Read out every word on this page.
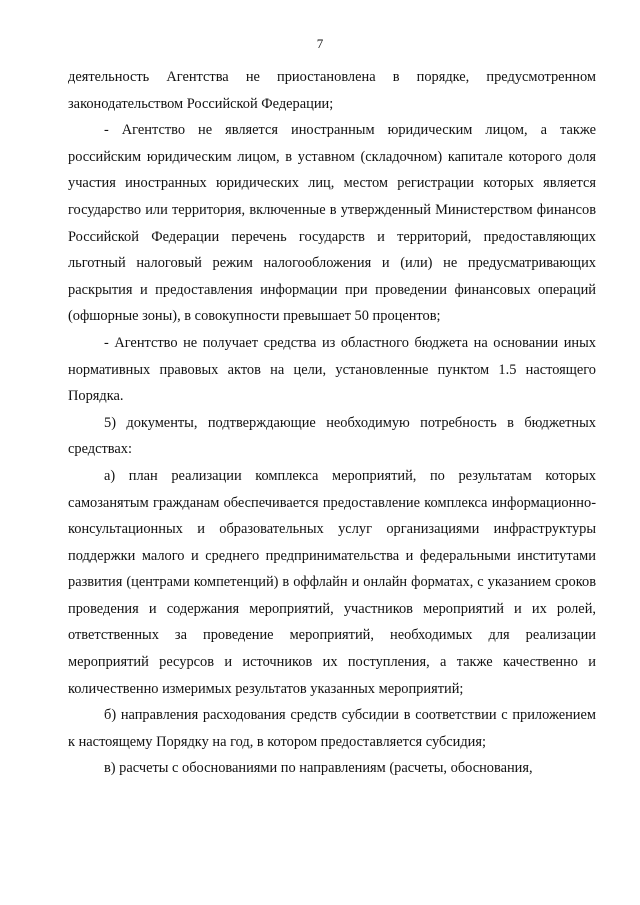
7

деятельность Агентства не приостановлена в порядке, предусмотренном законодательством Российской Федерации;

- Агентство не является иностранным юридическим лицом, а также российским юридическим лицом, в уставном (складочном) капитале которого доля участия иностранных юридических лиц, местом регистрации которых является государство или территория, включенные в утвержденный Министерством финансов Российской Федерации перечень государств и территорий, предоставляющих льготный налоговый режим налогообложения и (или) не предусматривающих раскрытия и предоставления информации при проведении финансовых операций (офшорные зоны), в совокупности превышает 50 процентов;

- Агентство не получает средства из областного бюджета на основании иных нормативных правовых актов на цели, установленные пунктом 1.5 настоящего Порядка.

5) документы, подтверждающие необходимую потребность в бюджетных средствах:

а) план реализации комплекса мероприятий, по результатам которых самозанятым гражданам обеспечивается предоставление комплекса информационно-консультационных и образовательных услуг организациями инфраструктуры поддержки малого и среднего предпринимательства и федеральными институтами развития (центрами компетенций) в оффлайн и онлайн форматах, с указанием сроков проведения и содержания мероприятий, участников мероприятий и их ролей, ответственных за проведение мероприятий, необходимых для реализации мероприятий ресурсов и источников их поступления, а также качественно и количественно измеримых результатов указанных мероприятий;

б) направления расходования средств субсидии в соответствии с приложением к настоящему Порядку на год, в котором предоставляется субсидия;

в) расчеты с обоснованиями по направлениям (расчеты, обоснования,
